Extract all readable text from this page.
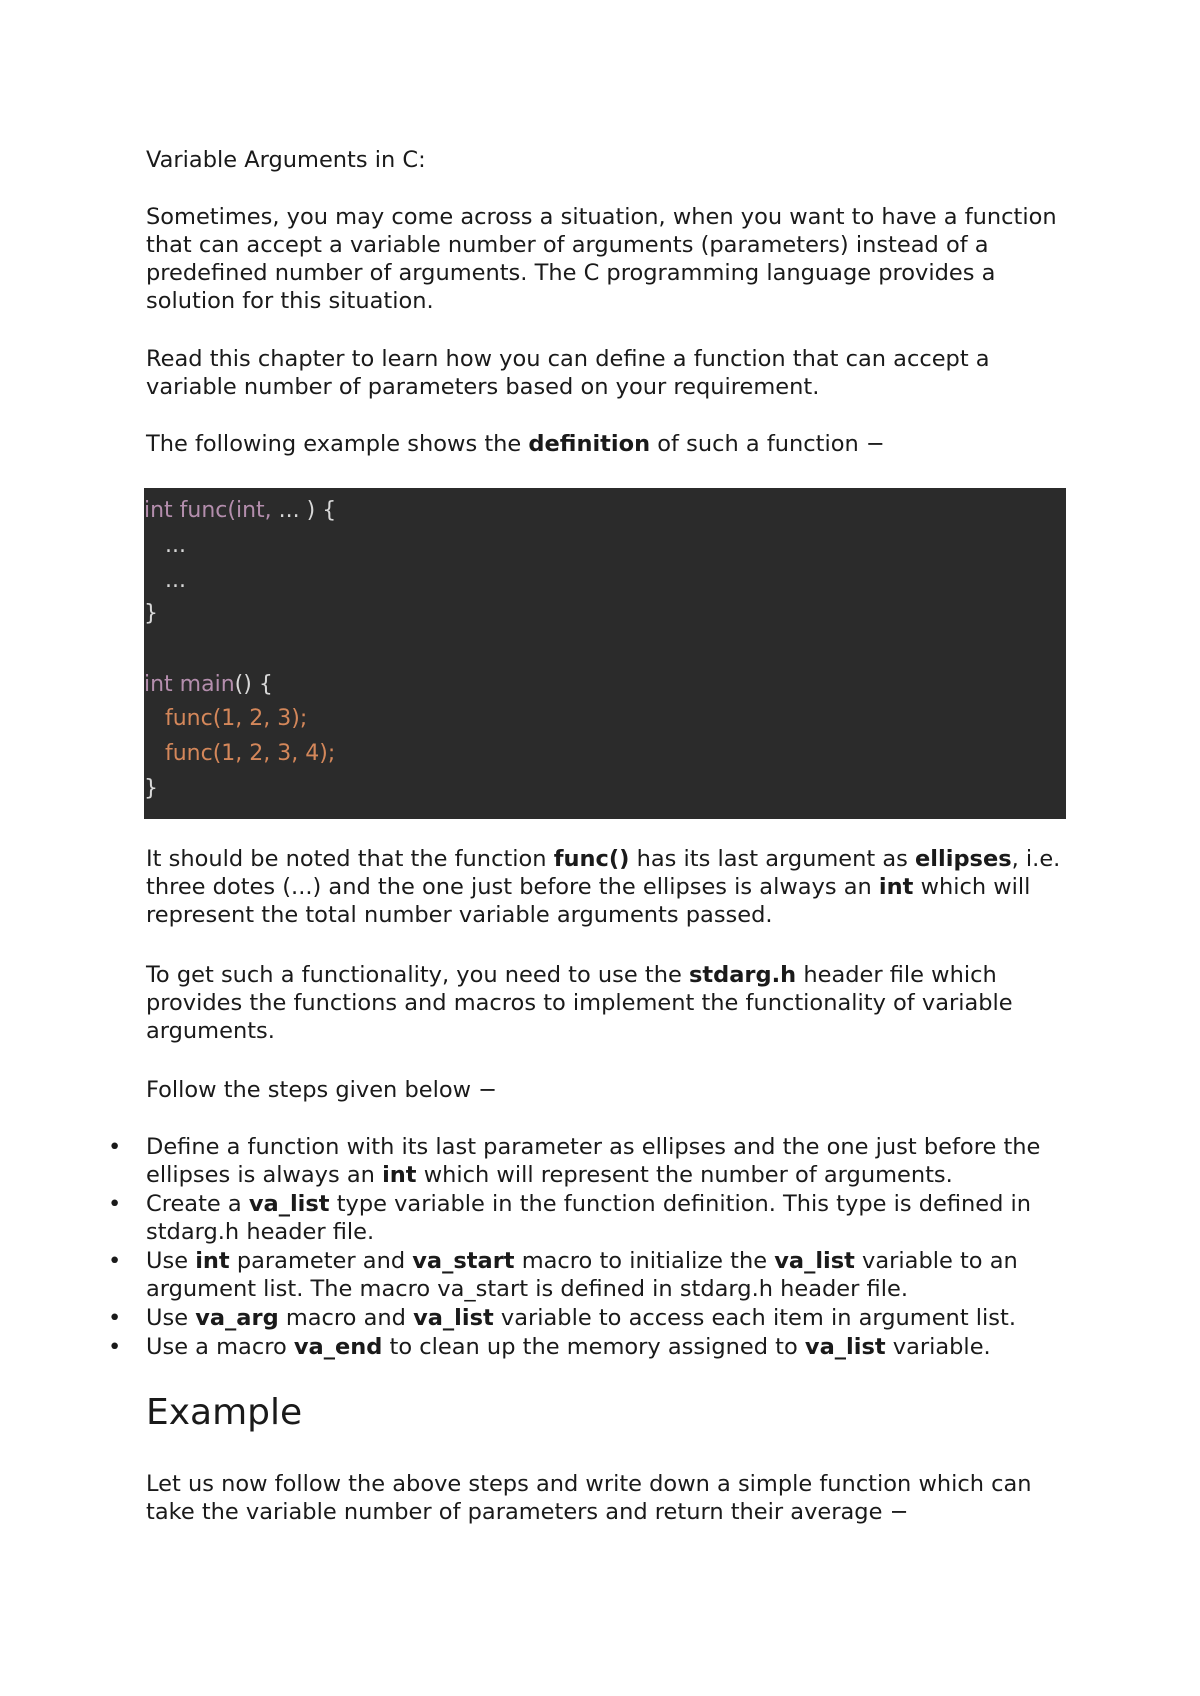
Variable Arguments in C:

Sometimes, you may come across a situation, when you want to have a function that can accept a variable number of arguments (parameters) instead of a predefined number of arguments. The C programming language provides a solution for this situation.

Read this chapter to learn how you can define a function that can accept a variable number of parameters based on your requirement.

The following example shows the definition of such a function −

int func(int, ... ) {
...
...
}
int main() {
func(1, 2, 3);
func(1, 2, 3, 4);
}

It should be noted that the function func() has its last argument as ellipses, i.e. three dotes (...) and the one just before the ellipses is always an int which will represent the total number variable arguments passed.

To get such a functionality, you need to use the stdarg.h header file which provides the functions and macros to implement the functionality of variable arguments.

Follow the steps given below −

• Define a function with its last parameter as ellipses and the one just before the ellipses is always an int which will represent the number of arguments.
• Create a va_list type variable in the function definition. This type is defined in stdarg.h header file.
• Use int parameter and va_start macro to initialize the va_list variable to an argument list. The macro va_start is defined in stdarg.h header file.
• Use va_arg macro and va_list variable to access each item in argument list.
• Use a macro va_end to clean up the memory assigned to va_list variable.
Example

Let us now follow the above steps and write down a simple function which can take the variable number of parameters and return their average −
